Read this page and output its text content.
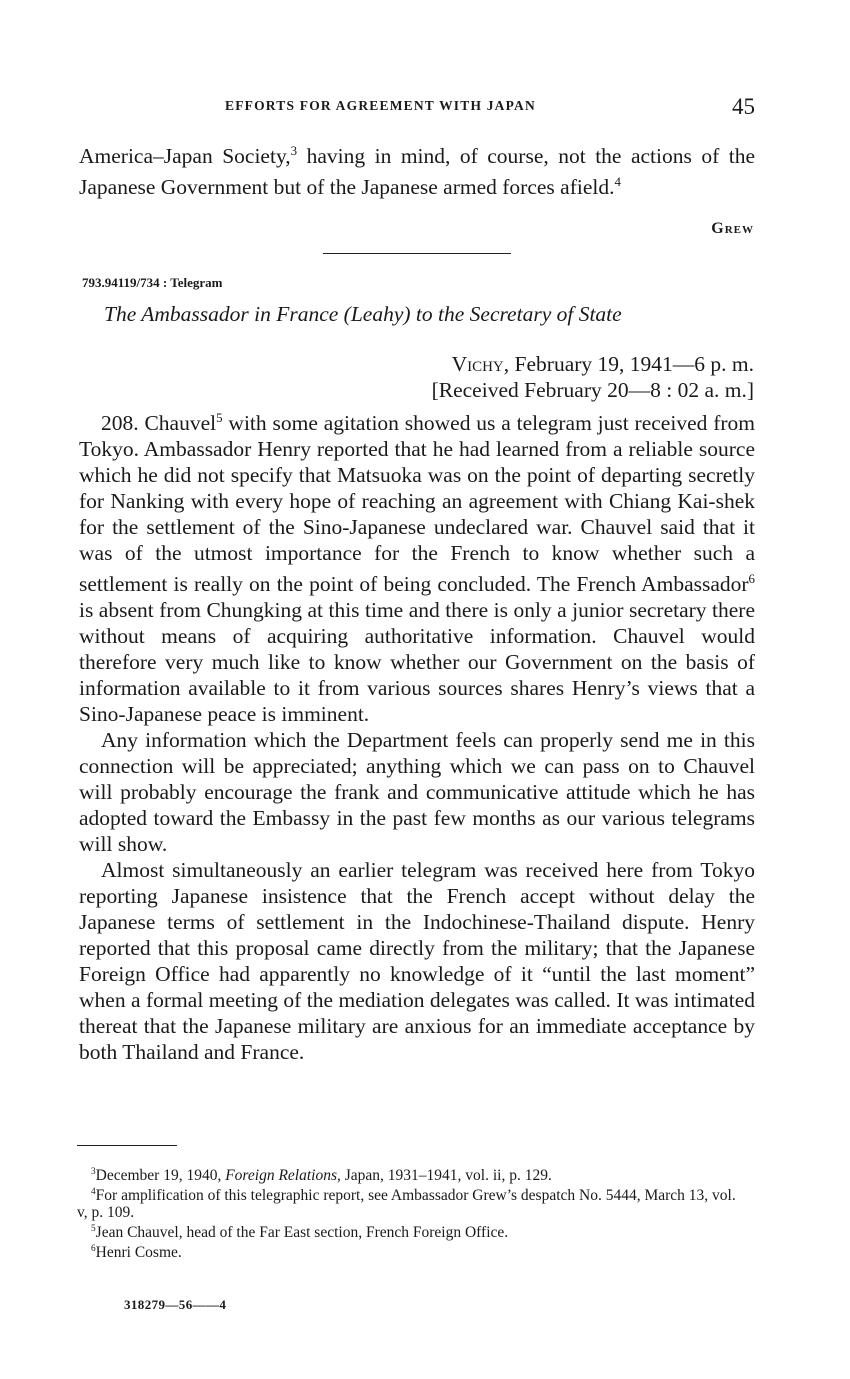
EFFORTS FOR AGREEMENT WITH JAPAN	45

America–Japan Society,$^3$ having in mind, of course, not the actions of the Japanese Government but of the Japanese armed forces afield.$^4$

Grew
793.94119/734 : Telegram
The Ambassador in France (Leahy) to the Secretary of State
Vichy, February 19, 1941—6 p. m.
[Received February 20—8 : 02 a. m.]

208. Chauvel$^5$ with some agitation showed us a telegram just received from Tokyo. Ambassador Henry reported that he had learned from a reliable source which he did not specify that Matsuoka was on the point of departing secretly for Nanking with every hope of reaching an agreement with Chiang Kai-shek for the settlement of the Sino-Japanese undeclared war. Chauvel said that it was of the utmost importance for the French to know whether such a settlement is really on the point of being concluded. The French Ambassador$^6$ is absent from Chungking at this time and there is only a junior secretary there without means of acquiring authoritative information. Chauvel would therefore very much like to know whether our Government on the basis of information available to it from various sources shares Henry’s views that a Sino-Japanese peace is imminent.

Any information which the Department feels can properly send me in this connection will be appreciated; anything which we can pass on to Chauvel will probably encourage the frank and communicative attitude which he has adopted toward the Embassy in the past few months as our various telegrams will show.

Almost simultaneously an earlier telegram was received here from Tokyo reporting Japanese insistence that the French accept without delay the Japanese terms of settlement in the Indochinese-Thailand dispute. Henry reported that this proposal came directly from the military; that the Japanese Foreign Office had apparently no knowledge of it “until the last moment” when a formal meeting of the mediation delegates was called. It was intimated thereat that the Japanese military are anxious for an immediate acceptance by both Thailand and France.

$^3$December 19, 1940, Foreign Relations, Japan, 1931–1941, vol. ii, p. 129.

$^4$For amplification of this telegraphic report, see Ambassador Grew’s despatch No. 5444, March 13, vol. v, p. 109.

$^5$Jean Chauvel, head of the Far East section, French Foreign Office.

$^6$Henri Cosme.

318279—56——4
